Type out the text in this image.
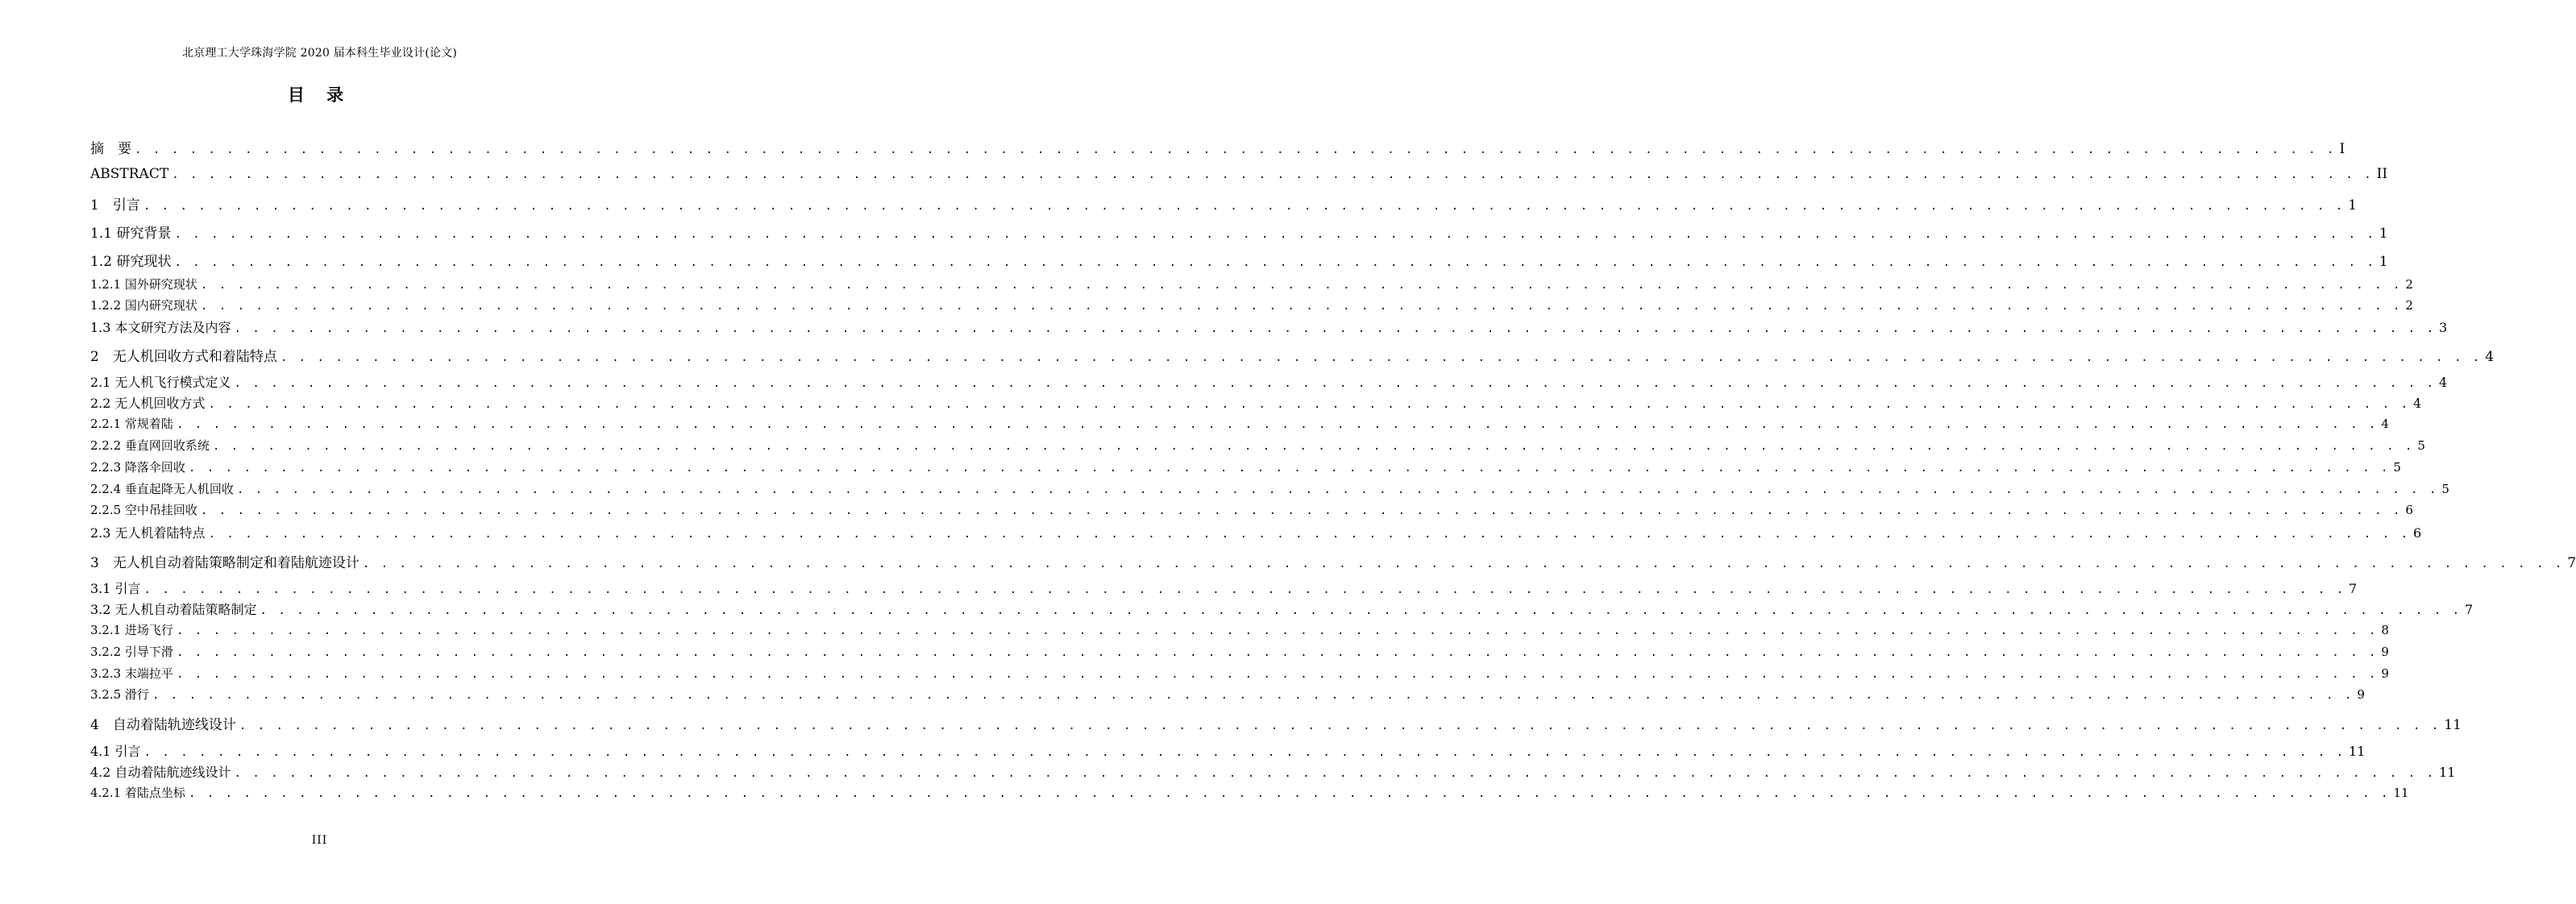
北京理工大学珠海学院 2020 届本科生毕业设计(论文)
目 录
摘　要 . . . . . . . . . . . . . . . . . . . . . . . . . . . . . . . . . . . . . . . . . . . . . . . . . . . . . . . . . . . . . . . . . . . . . . . . . . . . . . . . . . . . . . . . . . . . . . . . . . . . . . . . . . . . . . . . . . . . . . . . I
ABSTRACT . . . . . . . . . . . . . . . . . . . . . . . . . . . . . . . . . . . . . . . . . . . . . . . . . . . . . . . . . . . . . . . . . . . . . . . . . . . . . . . . . . . . . . . . . . . . . . . . . . . . . . . . . . . . . . . . . . . . . . . . II
1　引言 . . . . . . . . . . . . . . . . . . . . . . . . . . . . . . . . . . . . . . . . . . . . . . . . . . . . . . . . . . . . . . . . . . . . . . . . . . . . . . . . . . . . . . . . . . . . . . . . . . . . . . . . . . . . . . . . . . . . . . . . 1
1.1 研究背景 . . . . . . . . . . . . . . . . . . . . . . . . . . . . . . . . . . . . . . . . . . . . . . . . . . . . . . . . . . . . . . . . . . . . . . . . . . . . . . . . . . . . . . . . . . . . . . . . . . . . . . . . . . . . . . . . . . . . . . . . 1
1.2 研究现状 . . . . . . . . . . . . . . . . . . . . . . . . . . . . . . . . . . . . . . . . . . . . . . . . . . . . . . . . . . . . . . . . . . . . . . . . . . . . . . . . . . . . . . . . . . . . . . . . . . . . . . . . . . . . . . . . . . . . . . . . 1
1.2.1 国外研究现状 . . . . . . . . . . . . . . . . . . . . . . . . . . . . . . . . . . . . . . . . . . . . . . . . . . . . . . . . . . . . . . . . . . . . . . . . . . . . . . . . . . . . . . . . . . . . . . . . . . . . . . . . . . . . . . . . . . . . . . . . 2
1.2.2 国内研究现状 . . . . . . . . . . . . . . . . . . . . . . . . . . . . . . . . . . . . . . . . . . . . . . . . . . . . . . . . . . . . . . . . . . . . . . . . . . . . . . . . . . . . . . . . . . . . . . . . . . . . . . . . . . . . . . . . . . . . . . . . 2
1.3 本文研究方法及内容 . . . . . . . . . . . . . . . . . . . . . . . . . . . . . . . . . . . . . . . . . . . . . . . . . . . . . . . . . . . . . . . . . . . . . . . . . . . . . . . . . . . . . . . . . . . . . . . . . . . . . . . . . . . . . . . . . . . . . . . . 3
2　无人机回收方式和着陆特点 . . . . . . . . . . . . . . . . . . . . . . . . . . . . . . . . . . . . . . . . . . . . . . . . . . . . . . . . . . . . . . . . . . . . . . . . . . . . . . . . . . . . . . . . . . . . . . . . . . . . . . . . . . . . . . . . . . . . . . . . 4
2.1 无人机飞行模式定义 . . . . . . . . . . . . . . . . . . . . . . . . . . . . . . . . . . . . . . . . . . . . . . . . . . . . . . . . . . . . . . . . . . . . . . . . . . . . . . . . . . . . . . . . . . . . . . . . . . . . . . . . . . . . . . . . . . . . . . . . 4
2.2 无人机回收方式 . . . . . . . . . . . . . . . . . . . . . . . . . . . . . . . . . . . . . . . . . . . . . . . . . . . . . . . . . . . . . . . . . . . . . . . . . . . . . . . . . . . . . . . . . . . . . . . . . . . . . . . . . . . . . . . . . . . . . . . . 4
2.2.1 常规着陆 . . . . . . . . . . . . . . . . . . . . . . . . . . . . . . . . . . . . . . . . . . . . . . . . . . . . . . . . . . . . . . . . . . . . . . . . . . . . . . . . . . . . . . . . . . . . . . . . . . . . . . . . . . . . . . . . . . . . . . . . 4
2.2.2 垂直网回收系统 . . . . . . . . . . . . . . . . . . . . . . . . . . . . . . . . . . . . . . . . . . . . . . . . . . . . . . . . . . . . . . . . . . . . . . . . . . . . . . . . . . . . . . . . . . . . . . . . . . . . . . . . . . . . . . . . . . . . . . . . 5
2.2.3 降落伞回收 . . . . . . . . . . . . . . . . . . . . . . . . . . . . . . . . . . . . . . . . . . . . . . . . . . . . . . . . . . . . . . . . . . . . . . . . . . . . . . . . . . . . . . . . . . . . . . . . . . . . . . . . . . . . . . . . . . . . . . . . 5
2.2.4 垂直起降无人机回收 . . . . . . . . . . . . . . . . . . . . . . . . . . . . . . . . . . . . . . . . . . . . . . . . . . . . . . . . . . . . . . . . . . . . . . . . . . . . . . . . . . . . . . . . . . . . . . . . . . . . . . . . . . . . . . . . . . . . . . . . 5
2.2.5 空中吊挂回收 . . . . . . . . . . . . . . . . . . . . . . . . . . . . . . . . . . . . . . . . . . . . . . . . . . . . . . . . . . . . . . . . . . . . . . . . . . . . . . . . . . . . . . . . . . . . . . . . . . . . . . . . . . . . . . . . . . . . . . . . 6
2.3 无人机着陆特点 . . . . . . . . . . . . . . . . . . . . . . . . . . . . . . . . . . . . . . . . . . . . . . . . . . . . . . . . . . . . . . . . . . . . . . . . . . . . . . . . . . . . . . . . . . . . . . . . . . . . . . . . . . . . . . . . . . . . . . . . 6
3　无人机自动着陆策略制定和着陆航迹设计 . . . . . . . . . . . . . . . . . . . . . . . . . . . . . . . . . . . . . . . . . . . . . . . . . . . . . . . . . . . . . . . . . . . . . . . . . . . . . . . . . . . . . . . . . . . . . . . . . . . . . . . . . . . . . . . . . . . . . . . . 7
3.1 引言 . . . . . . . . . . . . . . . . . . . . . . . . . . . . . . . . . . . . . . . . . . . . . . . . . . . . . . . . . . . . . . . . . . . . . . . . . . . . . . . . . . . . . . . . . . . . . . . . . . . . . . . . . . . . . . . . . . . . . . . . 7
3.2 无人机自动着陆策略制定 . . . . . . . . . . . . . . . . . . . . . . . . . . . . . . . . . . . . . . . . . . . . . . . . . . . . . . . . . . . . . . . . . . . . . . . . . . . . . . . . . . . . . . . . . . . . . . . . . . . . . . . . . . . . . . . . . . . . . . . . 7
3.2.1 进场飞行 . . . . . . . . . . . . . . . . . . . . . . . . . . . . . . . . . . . . . . . . . . . . . . . . . . . . . . . . . . . . . . . . . . . . . . . . . . . . . . . . . . . . . . . . . . . . . . . . . . . . . . . . . . . . . . . . . . . . . . . . 8
3.2.2 引导下滑 . . . . . . . . . . . . . . . . . . . . . . . . . . . . . . . . . . . . . . . . . . . . . . . . . . . . . . . . . . . . . . . . . . . . . . . . . . . . . . . . . . . . . . . . . . . . . . . . . . . . . . . . . . . . . . . . . . . . . . . . 9
3.2.3 末端拉平 . . . . . . . . . . . . . . . . . . . . . . . . . . . . . . . . . . . . . . . . . . . . . . . . . . . . . . . . . . . . . . . . . . . . . . . . . . . . . . . . . . . . . . . . . . . . . . . . . . . . . . . . . . . . . . . . . . . . . . . . 9
3.2.5 滑行 . . . . . . . . . . . . . . . . . . . . . . . . . . . . . . . . . . . . . . . . . . . . . . . . . . . . . . . . . . . . . . . . . . . . . . . . . . . . . . . . . . . . . . . . . . . . . . . . . . . . . . . . . . . . . . . . . . . . . . . . 9
4　自动着陆轨迹线设计 . . . . . . . . . . . . . . . . . . . . . . . . . . . . . . . . . . . . . . . . . . . . . . . . . . . . . . . . . . . . . . . . . . . . . . . . . . . . . . . . . . . . . . . . . . . . . . . . . . . . . . . . . . . . . . . . . . . . . . . . 11
4.1 引言 . . . . . . . . . . . . . . . . . . . . . . . . . . . . . . . . . . . . . . . . . . . . . . . . . . . . . . . . . . . . . . . . . . . . . . . . . . . . . . . . . . . . . . . . . . . . . . . . . . . . . . . . . . . . . . . . . . . . . . . . 11
4.2 自动着陆航迹线设计 . . . . . . . . . . . . . . . . . . . . . . . . . . . . . . . . . . . . . . . . . . . . . . . . . . . . . . . . . . . . . . . . . . . . . . . . . . . . . . . . . . . . . . . . . . . . . . . . . . . . . . . . . . . . . . . . . . . . . . . . 11
4.2.1 着陆点坐标 . . . . . . . . . . . . . . . . . . . . . . . . . . . . . . . . . . . . . . . . . . . . . . . . . . . . . . . . . . . . . . . . . . . . . . . . . . . . . . . . . . . . . . . . . . . . . . . . . . . . . . . . . . . . . . . . . . . . . . . . 11
III
